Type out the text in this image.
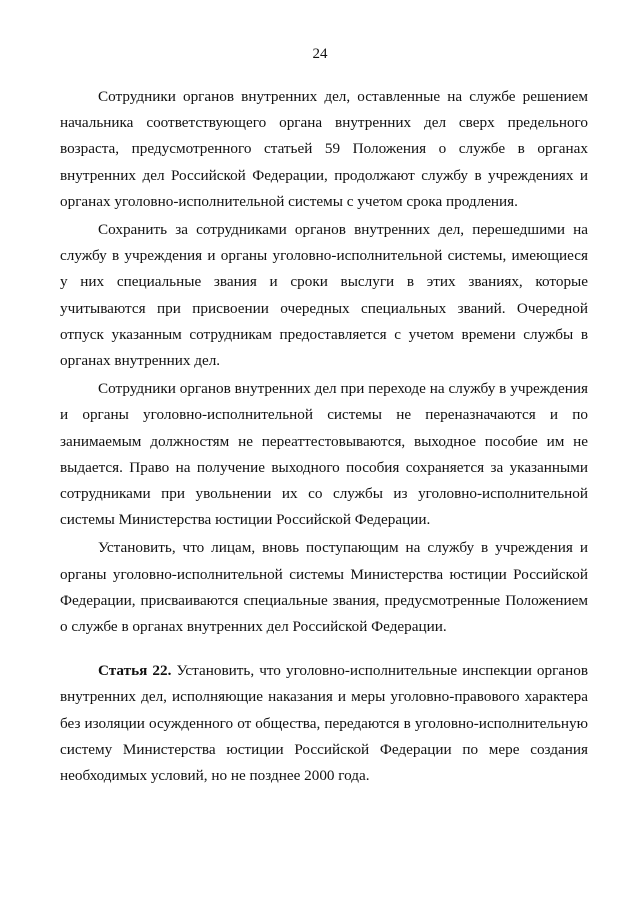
24

Сотрудники органов внутренних дел, оставленные на службе решением начальника соответствующего органа внутренних дел сверх предельного возраста, предусмотренного статьей 59 Положения о службе в органах внутренних дел Российской Федерации, продолжают службу в учреждениях и органах уголовно-исполнительной системы с учетом срока продления.

Сохранить за сотрудниками органов внутренних дел, перешедшими на службу в учреждения и органы уголовно-исполнительной системы, имеющиеся у них специальные звания и сроки выслуги в этих званиях, которые учитываются при присвоении очередных специальных званий. Очередной отпуск указанным сотрудникам предоставляется с учетом времени службы в органах внутренних дел.

Сотрудники органов внутренних дел при переходе на службу в учреждения и органы уголовно-исполнительной системы не переназначаются и по занимаемым должностям не переаттестовываются, выходное пособие им не выдается. Право на получение выходного пособия сохраняется за указанными сотрудниками при увольнении их со службы из уголовно-исполнительной системы Министерства юстиции Российской Федерации.

Установить, что лицам, вновь поступающим на службу в учреждения и органы уголовно-исполнительной системы Министерства юстиции Российской Федерации, присваиваются специальные звания, предусмотренные Положением о службе в органах внутренних дел Российской Федерации.

Статья 22. Установить, что уголовно-исполнительные инспекции органов внутренних дел, исполняющие наказания и меры уголовно-правового характера без изоляции осужденного от общества, передаются в уголовно-исполнительную систему Министерства юстиции Российской Федерации по мере создания необходимых условий, но не позднее 2000 года.
